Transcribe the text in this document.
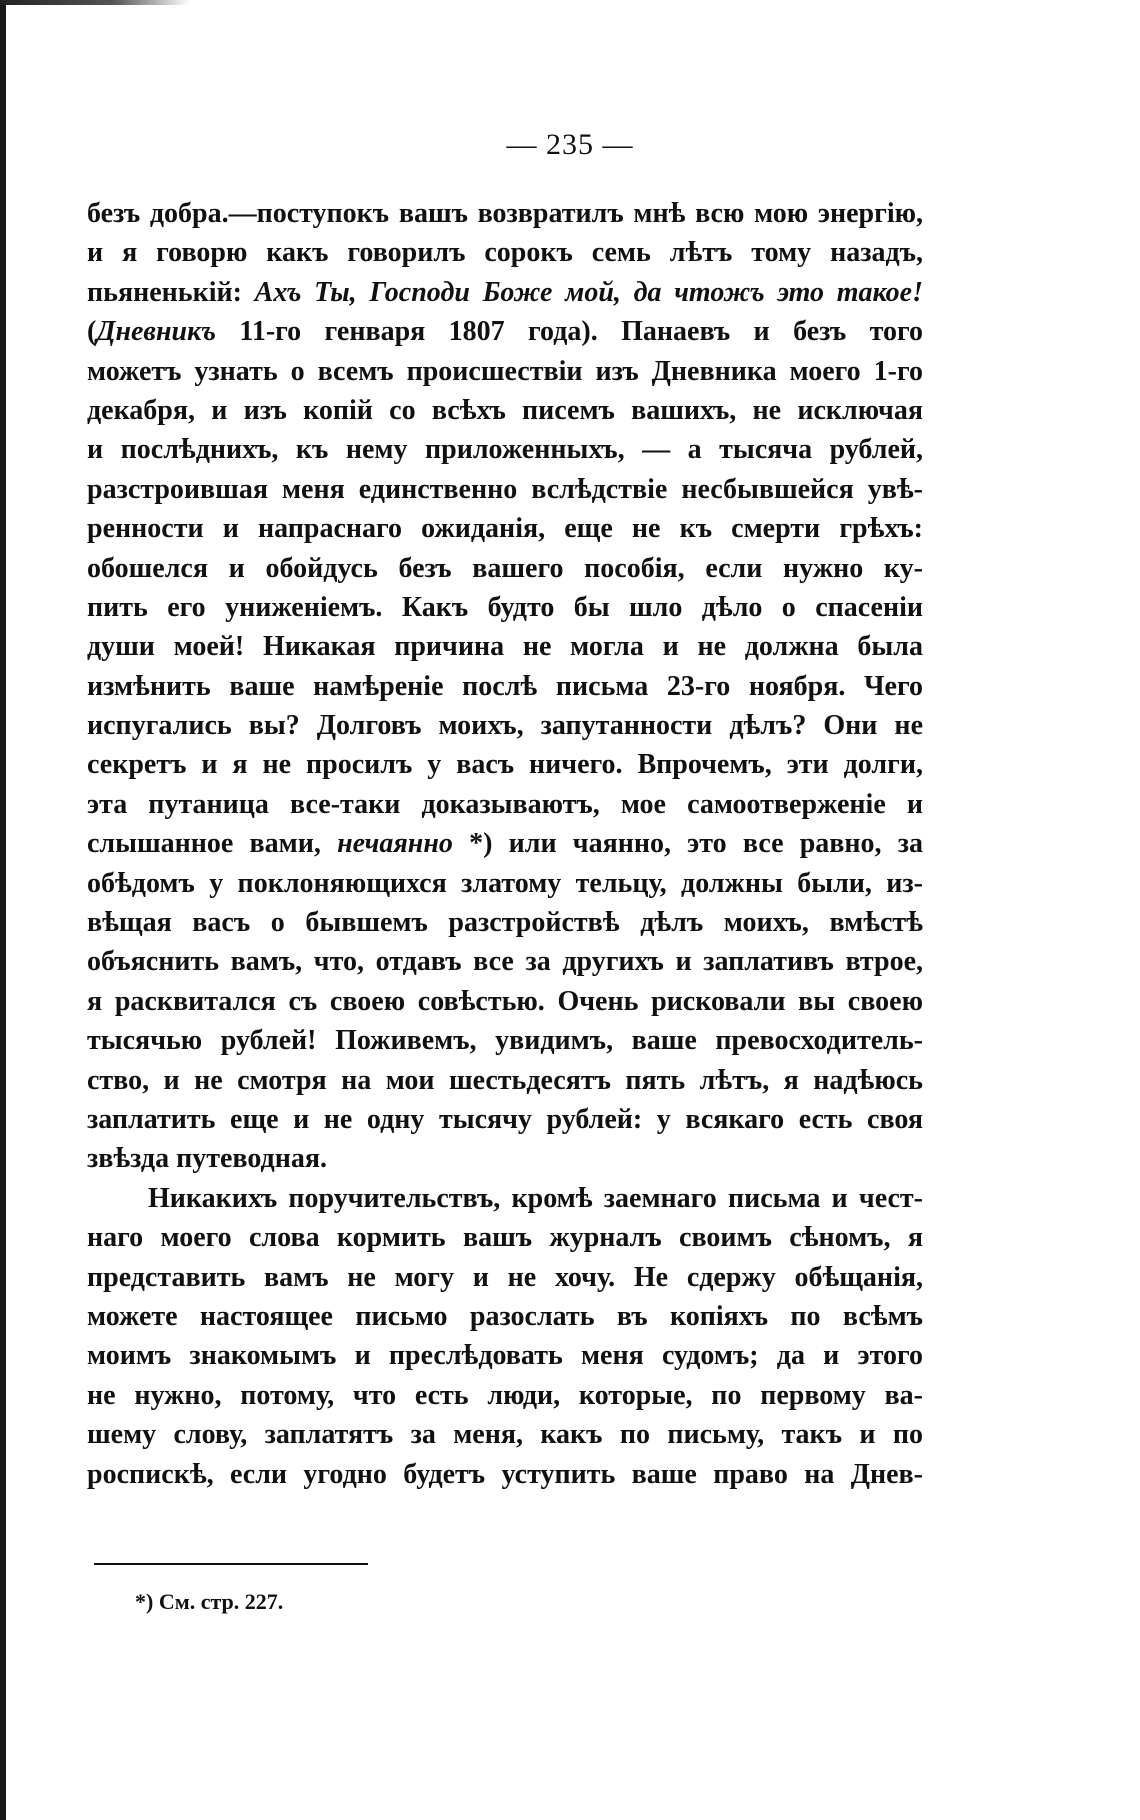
— 235 —

безъ добра.—поступокъ вашъ возвратилъ мнѣ всю мою энергію,
и я говорю какъ говорилъ сорокъ семь лѣтъ тому назадъ,
пьяненькій: Ахъ Ты, Господи Боже мой, да чтожъ это такое!
(Дневникъ 11-го генваря 1807 года). Панаевъ и безъ того
можетъ узнать о всемъ происшествіи изъ Дневника моего 1-го
декабря, и изъ копій со всѣхъ писемъ вашихъ, не исключая
и послѣднихъ, къ нему приложенныхъ, — а тысяча рублей,
разстроившая меня единственно вслѣдствіе несбывшейся увѣ-
ренности и напраснаго ожиданія, еще не къ смерти грѣхъ:
обошелся и обойдусь безъ вашего пособія, если нужно ку-
пить его униженіемъ. Какъ будто бы шло дѣло о спасеніи
души моей! Никакая причина не могла и не должна была
измѣнить ваше намѣреніе послѣ письма 23-го ноября. Чего
испугались вы? Долговъ моихъ, запутанности дѣлъ? Они не
секретъ и я не просилъ у васъ ничего. Впрочемъ, эти долги,
эта путаница все-таки доказываютъ, мое самоотверженіе и
слышанное вами, нечаянно *) или чаянно, это все равно, за
обѣдомъ у поклоняющихся златому тельцу, должны были, из-
вѣщая васъ о бывшемъ разстройствѣ дѣлъ моихъ, вмѣстѣ
объяснить вамъ, что, отдавъ все за другихъ и заплативъ втрое,
я расквитался съ своею совѣстью. Очень рисковали вы своею
тысячью рублей! Поживемъ, увидимъ, ваше превосходитель-
ство, и не смотря на мои шестьдесятъ пять лѣтъ, я надѣюсь
заплатить еще и не одну тысячу рублей: у всякаго есть своя
звѣзда путеводная.
Никакихъ поручительствъ, кромѣ заемнаго письма и чест-
наго моего слова кормить вашъ журналъ своимъ сѣномъ, я
представить вамъ не могу и не хочу. Не сдержу обѣщанія,
можете настоящее письмо разослать въ копіяхъ по всѣмъ
моимъ знакомымъ и преслѣдовать меня судомъ; да и этого
не нужно, потому, что есть люди, которые, по первому ва-
шему слову, заплатятъ за меня, какъ по письму, такъ и по
роспискѣ, если угодно будетъ уступить ваше право на Днев-

*) См. стр. 227.
